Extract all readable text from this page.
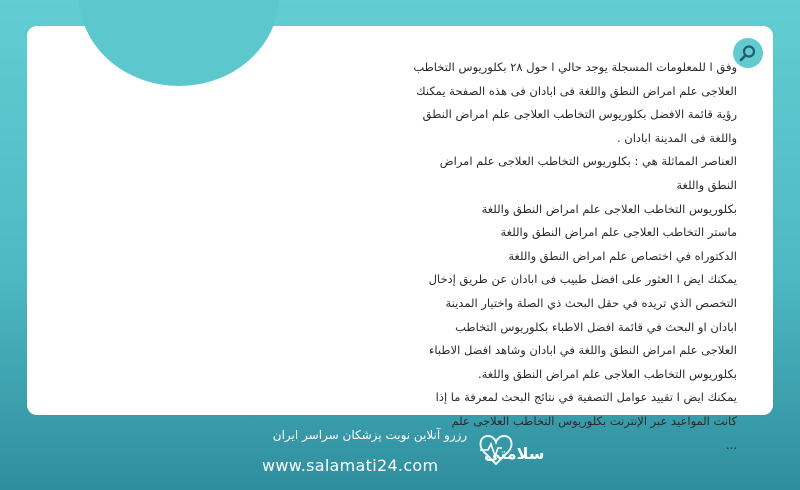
وفق ا للمعلومات المسجلة يوجد حالي ا حول ۲۸ بکلوریوس التخاطب

العلاجی علم امراض النطق واللغة فی ابادان فی هذه الصفحة یمكنك

رؤية قائمة الافضل بکلوریوس التخاطب العلاجی علم امراض النطق

واللغة فی المدينة ابادان .

العناصر المماثلة هي : بکلوریوس التخاطب العلاجی علم امراض

النطق واللغة

بکلوریوس التخاطب العلاجی علم امراض النطق واللغة

ماستر التخاطب العلاجی علم امراض النطق واللغة

الدكتوراه في اختصاص علم امراض النطق واللغة

يمكنك ايض ا العثور على افضل طبيب فی ابادان عن طريق إدخال

التخصص الذي تريده في حقل البحث ذي الصلة واختيار المدينة

ابادان او البحث في قائمة افضل الاطباء بکلوریوس التخاطب

العلاجی علم امراض النطق واللغة في ابادان وشاهد افضل الاطباء

بکلوریوس التخاطب العلاجی علم امراض النطق واللغة.

يمكنك ايض ا تقييد عوامل التصفية في نتائج البحث لمعرفة ما إذا

كانت المواعيد عبر الإنترنت بکلوریوس التخاطب العلاجی علم

...

رزرو آنلاین نوبت پزشکان سراسر ایران
www.salamati24.com
سلامتی
